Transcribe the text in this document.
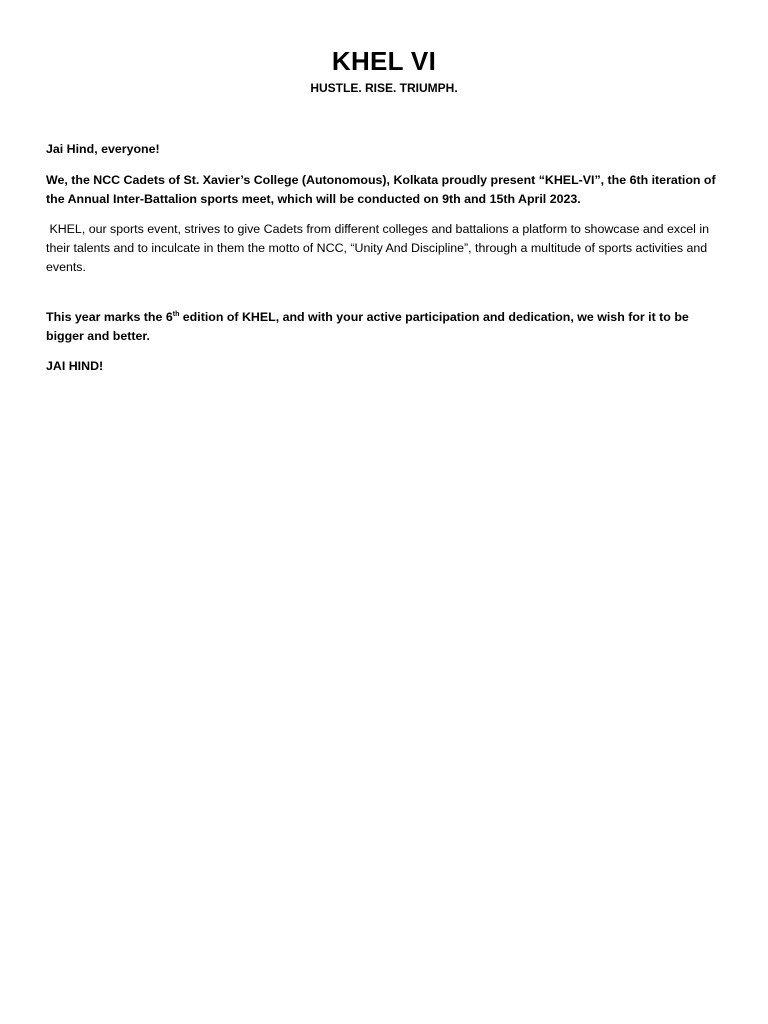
KHEL VI
HUSTLE. RISE. TRIUMPH.

Jai Hind, everyone!

We, the NCC Cadets of St. Xavier’s College (Autonomous), Kolkata proudly present “KHEL-VI”, the 6th iteration of the Annual Inter-Battalion sports meet, which will be conducted on 9th and 15th April 2023.

KHEL, our sports event, strives to give Cadets from different colleges and battalions a platform to showcase and excel in their talents and to inculcate in them the motto of NCC, “Unity And Discipline”, through a multitude of sports activities and events.

This year marks the 6th edition of KHEL, and with your active participation and dedication, we wish for it to be bigger and better.

JAI HIND!
